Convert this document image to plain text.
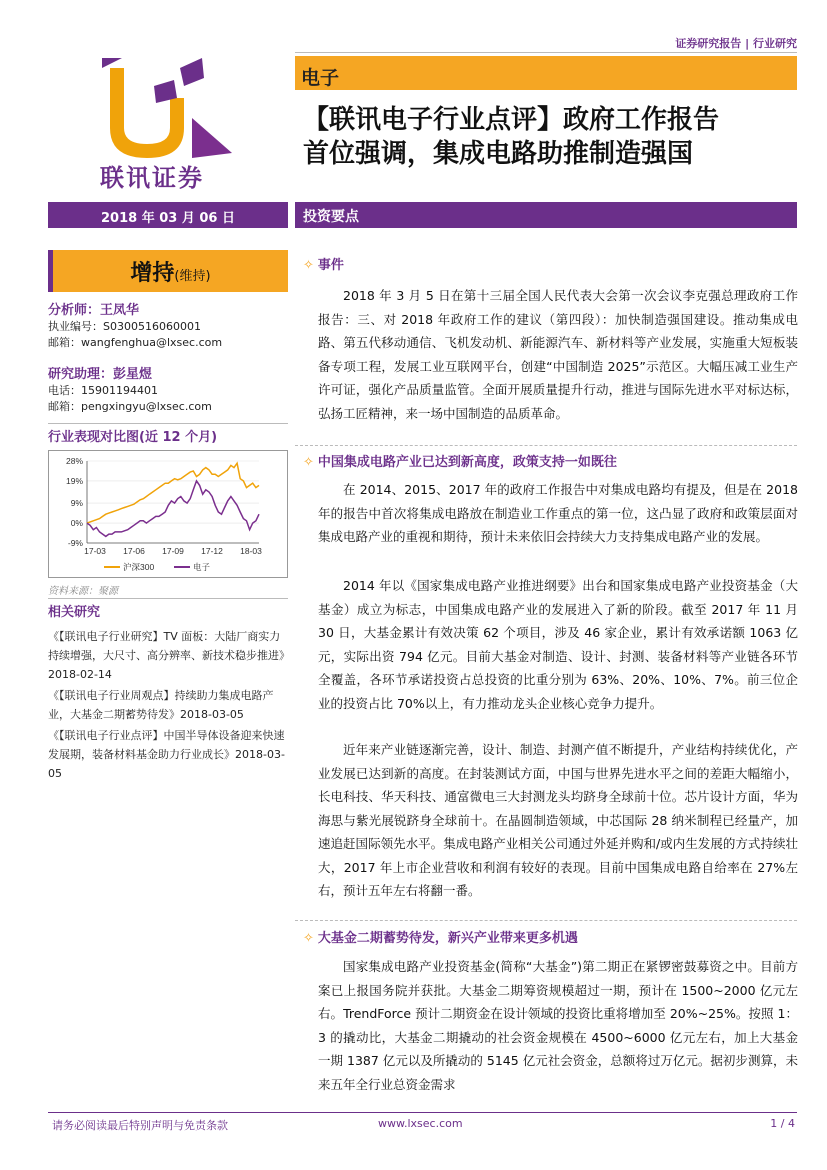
证券研究报告 | 行业研究
电子
联讯证券
【联讯电子行业点评】政府工作报告
首位强调，集成电路助推制造强国
2018 年 03 月 06 日	投资要点
增持(维持)
分析师：王凤华
执业编号：S0300516060001
邮箱：wangfenghua@lxsec.com
研究助理：彭星煜
电话：15901194401
邮箱：pengxingyu@lxsec.com
行业表现对比图(近 12 个月)
28%
19%
9%
0%
-9%
17-03 17-06 17-09 17-12 18-03
沪深300	电子
资料来源：聚源
相关研究
《【联讯电子行业研究】TV 面板：大陆厂商实力持续增强，大尺寸、高分辨率、新技术稳步推进》2018-02-14
《【联讯电子行业周观点】持续助力集成电路产业，大基金二期蓄势待发》2018-03-05
《【联讯电子行业点评】中国半导体设备迎来快速发展期，装备材料基金助力行业成长》2018-03-05
✧ 事件
2018 年 3 月 5 日在第十三届全国人民代表大会第一次会议李克强总理政府工作报告：三、对 2018 年政府工作的建议（第四段）：加快制造强国建设。推动集成电路、第五代移动通信、飞机发动机、新能源汽车、新材料等产业发展，实施重大短板装备专项工程，发展工业互联网平台，创建“中国制造 2025”示范区。大幅压减工业生产许可证，强化产品质量监管。全面开展质量提升行动，推进与国际先进水平对标达标，弘扬工匠精神，来一场中国制造的品质革命。
✧ 中国集成电路产业已达到新高度，政策支持一如既往
在 2014、2015、2017 年的政府工作报告中对集成电路均有提及，但是在 2018 年的报告中首次将集成电路放在制造业工作重点的第一位，这凸显了政府和政策层面对集成电路产业的重视和期待，预计未来依旧会持续大力支持集成电路产业的发展。
2014 年以《国家集成电路产业推进纲要》出台和国家集成电路产业投资基金（大基金）成立为标志，中国集成电路产业的发展进入了新的阶段。截至 2017 年 11 月 30 日，大基金累计有效决策 62 个项目，涉及 46 家企业，累计有效承诺额 1063 亿元，实际出资 794 亿元。目前大基金对制造、设计、封测、装备材料等产业链各环节全覆盖，各环节承诺投资占总投资的比重分别为 63%、20%、10%、7%。前三位企业的投资占比 70%以上，有力推动龙头企业核心竞争力提升。
近年来产业链逐渐完善，设计、制造、封测产值不断提升，产业结构持续优化，产业发展已达到新的高度。在封装测试方面，中国与世界先进水平之间的差距大幅缩小，长电科技、华天科技、通富微电三大封测龙头均跻身全球前十位。芯片设计方面，华为海思与紫光展锐跻身全球前十。在晶圆制造领域，中芯国际 28 纳米制程已经量产，加速追赶国际领先水平。集成电路产业相关公司通过外延并购和/或内生发展的方式持续壮大，2017 年上市企业营收和利润有较好的表现。目前中国集成电路自给率在 27%左右，预计五年左右将翻一番。
✧ 大基金二期蓄势待发，新兴产业带来更多机遇
国家集成电路产业投资基金(简称“大基金”)第二期正在紧锣密鼓募资之中。目前方案已上报国务院并获批。大基金二期筹资规模超过一期，预计在 1500~2000 亿元左右。TrendForce 预计二期资金在设计领域的投资比重将增加至 20%~25%。按照 1：3 的撬动比，大基金二期撬动的社会资金规模在 4500~6000 亿元左右，加上大基金一期 1387 亿元以及所撬动的 5145 亿元社会资金，总额将过万亿元。据初步测算，未来五年全行业总资金需求
请务必阅读最后特别声明与免责条款	www.lxsec.com	1 / 4
